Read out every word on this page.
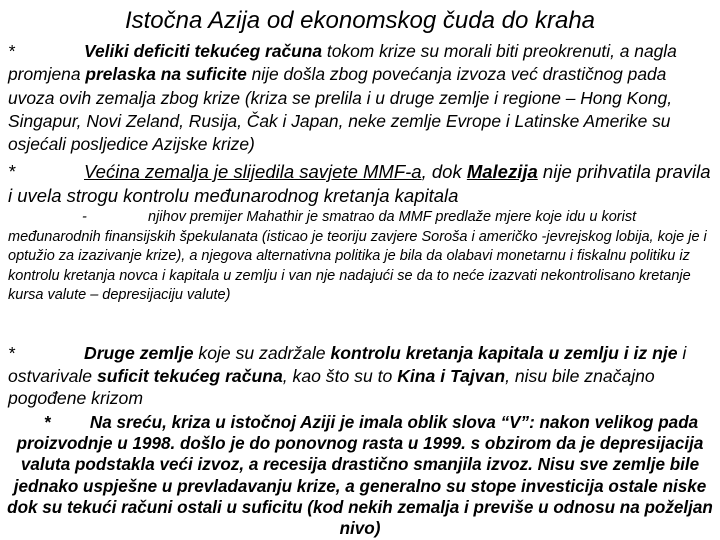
Istočna Azija od ekonomskog čuda do kraha
*	Veliki deficiti tekućeg računa tokom krize su morali biti preokrenuti, a nagla promjena prelaska na suficite nije došla zbog povećanja izvoza već drastičnog pada uvoza ovih zemalja zbog krize (kriza se prelila i u druge zemlje i regione – Hong Kong, Singapur, Novi Zeland, Rusija, Čak i Japan, neke zemlje Evrope i Latinske Amerike su osjećali posljedice Azijske krize)
*	Većina zemalja je slijedila savjete MMF-a, dok Malezija nije prihvatila pravila i uvela strogu kontrolu međunarodnog kretanja kapitala
-	njihov premijer Mahathir je smatrao da MMF predlaže mjere koje idu u korist međunarodnih finansijskih špekulanata (isticao je teoriju zavjere Soroša i američko -jevrejskog lobija, koje je i optužio za izazivanje krize), a njegova alternativna politika je bila da olabavi monetarnu i fiskalnu politiku iz kontrolu kretanja novca i kapitala u zemlju i van nje nadajući se da to neće izazvati nekontrolisano kretanje kursa valute – depresijaciju valute)
*	Druge zemlje koje su zadržale kontrolu kretanja kapitala u zemlju i iz nje i ostvarivale suficit tekućeg računa, kao što su to Kina i Tajvan, nisu bile značajno pogođene krizom
* Na sreću, kriza u istočnoj Aziji je imala oblik slova “V”: nakon velikog pada proizvodnje u 1998. došlo je do ponovnog rasta u 1999. s obzirom da je depresijacija valuta podstakla veći izvoz, a recesija drastično smanjila izvoz. Nisu sve zemlje bile jednako uspješne u prevladavanju krize, a generalno su stope investicija ostale niske dok su tekući računi ostali u suficitu (kod nekih zemalja i previše u odnosu na poželjan nivo)
